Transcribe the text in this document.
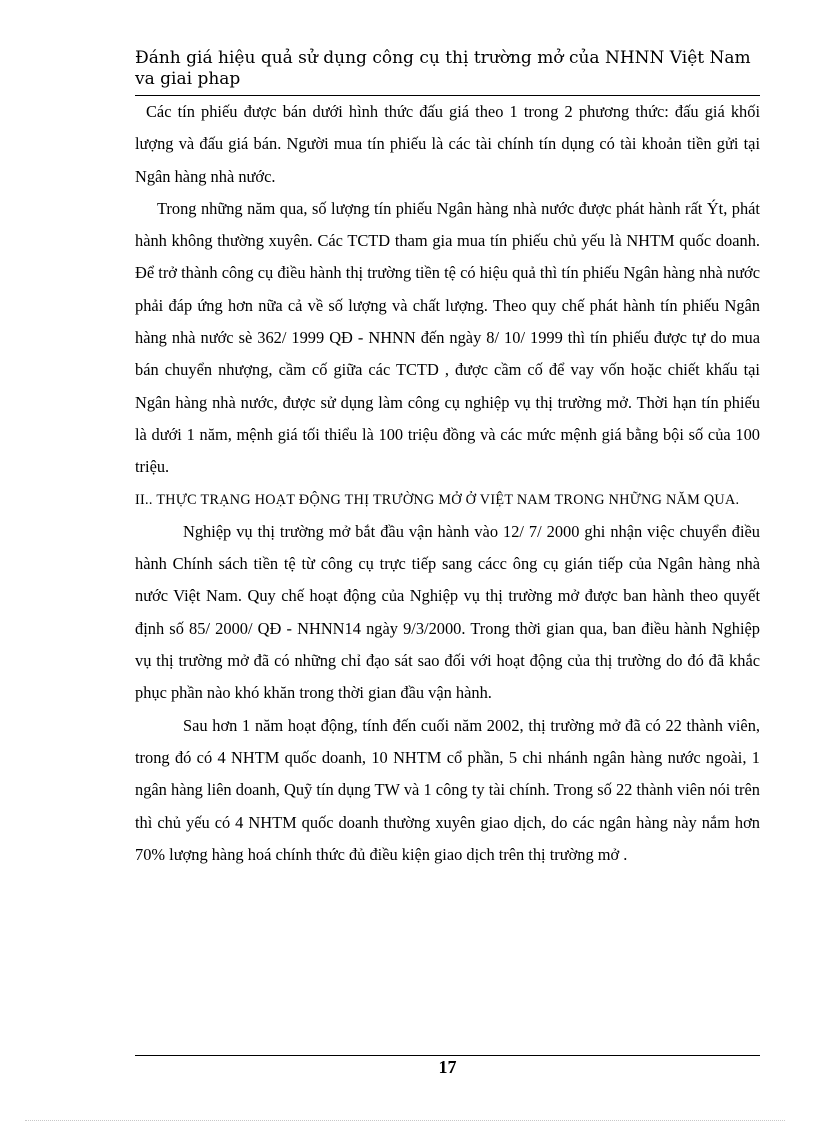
Đánh giá hiệu quả sử dụng công cụ thị trường mở của NHNN Việt Nam va giai phap

Các tín phiếu được bán dưới hình thức đấu giá theo 1 trong 2 phương thức: đấu giá khối lượng và đấu giá bán. Người mua tín phiếu là các tài chính tín dụng có tài khoản tiền gửi tại Ngân hàng nhà nước.

Trong những năm qua, số lượng tín phiếu Ngân hàng nhà nước được phát hành rất Ýt, phát hành không thường xuyên. Các TCTD tham gia mua tín phiếu chủ yếu là NHTM quốc doanh. Để trở thành công cụ điều hành thị trường tiền tệ có hiệu quả thì tín phiếu Ngân hàng nhà nước phải đáp ứng hơn nữa cả về số lượng và chất lượng. Theo quy chế phát hành tín phiếu Ngân hàng nhà nước sè 362/ 1999 QĐ - NHNN đến ngày 8/ 10/ 1999 thì tín phiếu được tự do mua bán chuyển nhượng, cầm cố giữa các TCTD , được cầm cố để vay vốn hoặc chiết khấu tại Ngân hàng nhà nước, được sử dụng làm công cụ nghiệp vụ thị trường mở. Thời hạn tín phiếu là dưới 1 năm, mệnh giá tối thiểu là 100 triệu đồng và các mức mệnh giá bằng bội số của 100 triệu.

II.. THỰC TRẠNG HOẠT ĐỘNG THỊ TRƯỜNG MỞ Ở VIỆT NAM TRONG NHỮNG NĂM QUA.

Nghiệp vụ thị trường mở bắt đầu vận hành vào 12/ 7/ 2000 ghi nhận việc chuyển điều hành Chính sách tiền tệ từ công cụ trực tiếp sang cácc ông cụ gián tiếp của Ngân hàng nhà nước Việt Nam. Quy chế hoạt động của Nghiệp vụ thị trường mở được ban hành theo quyết định số 85/ 2000/ QĐ - NHNN14 ngày 9/3/2000. Trong thời gian qua, ban điều hành Nghiệp vụ thị trường mở đã có những chỉ đạo sát sao đối với hoạt động của thị trường do đó đã khắc phục phần nào khó khăn trong thời gian đầu vận hành.

Sau hơn 1 năm hoạt động, tính đến cuối năm 2002, thị trường mở đã có 22 thành viên, trong đó có 4 NHTM quốc doanh, 10 NHTM cổ phần, 5 chi nhánh ngân hàng nước ngoài, 1 ngân hàng liên doanh, Quỹ tín dụng TW và 1 công ty tài chính. Trong số 22 thành viên nói trên thì chủ yếu có 4 NHTM quốc doanh thường xuyên giao dịch, do các ngân hàng này nắm hơn 70% lượng hàng hoá chính thức đủ điều kiện giao dịch trên thị trường mở .

17
